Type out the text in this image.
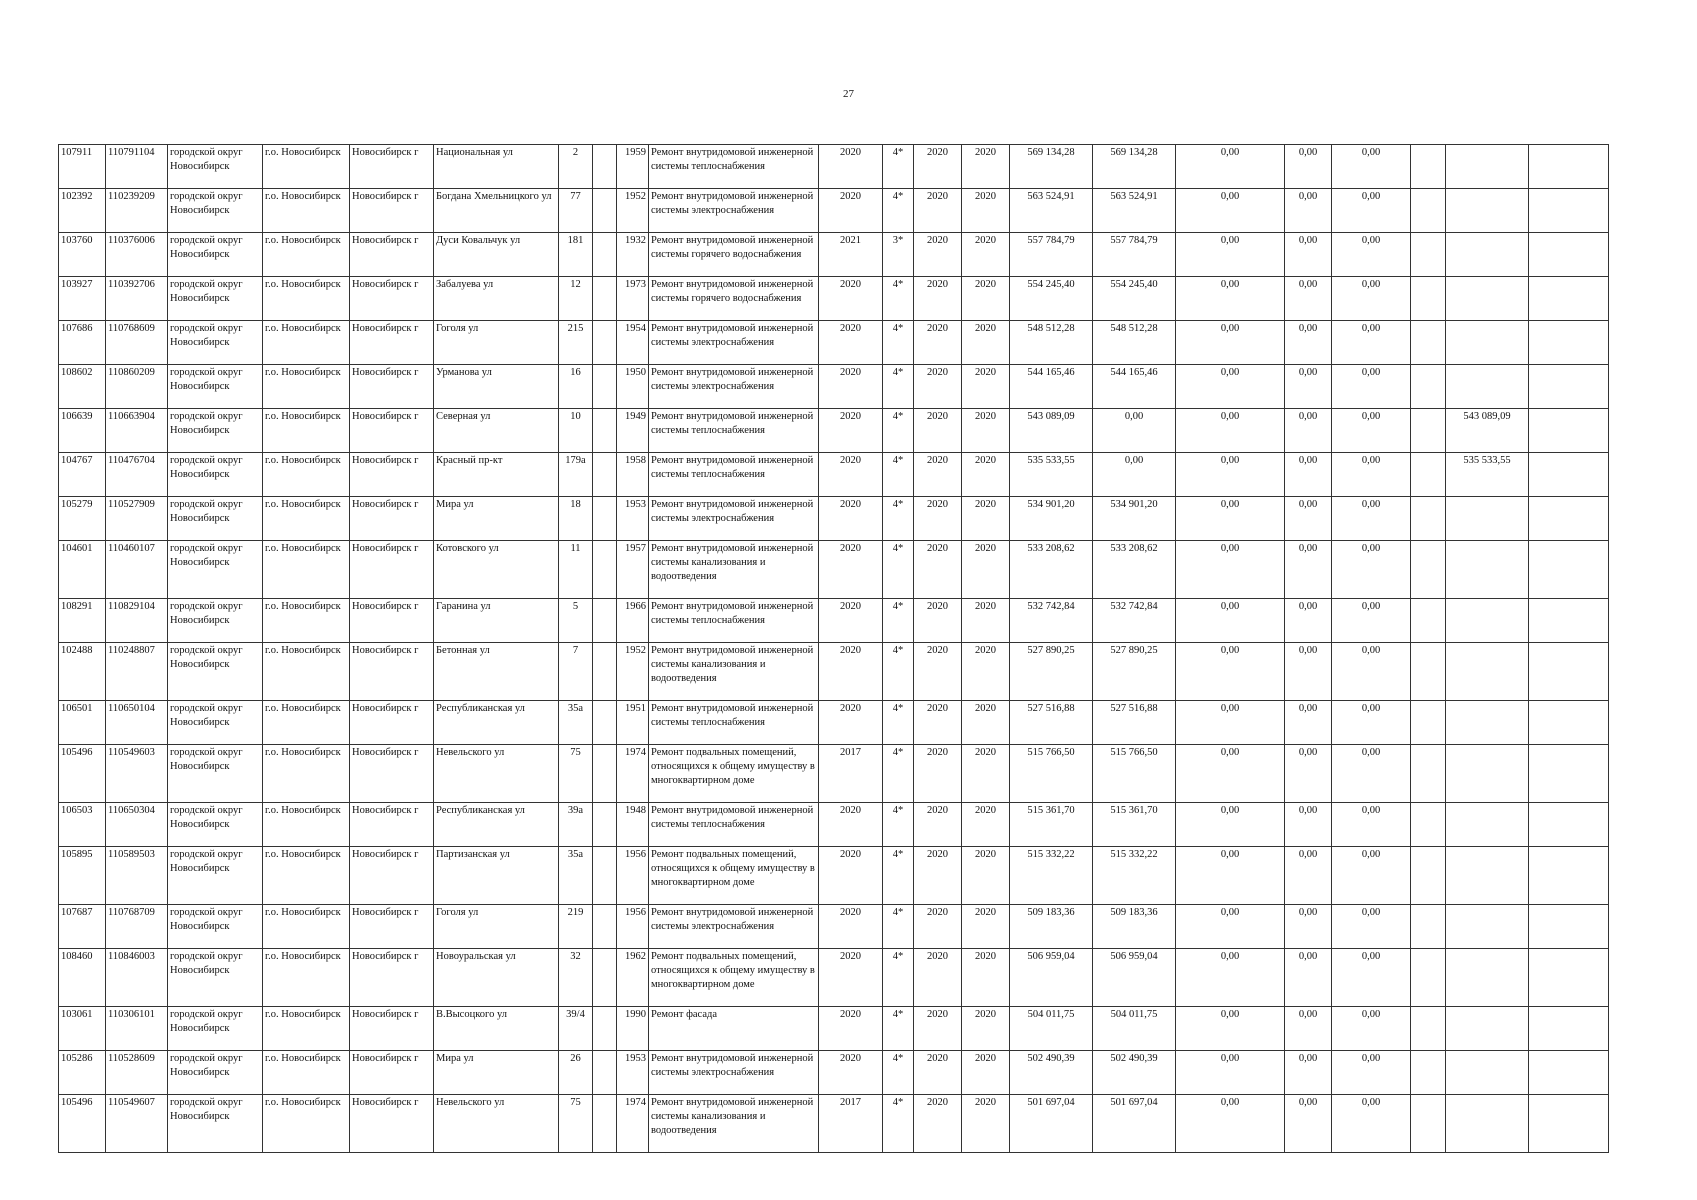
27
107911	110791104	городской округ Новосибирск	г.о. Новосибирск	Новосибирск г	Национальная ул	2		1959	Ремонт внутридомовой инженерной системы теплоснабжения	2020	4*	2020	2020	569 134,28	569 134,28	0,00	0,00	0,00			
102392	110239209	городской округ Новосибирск	г.о. Новосибирск	Новосибирск г	Богдана Хмельницкого ул	77		1952	Ремонт внутридомовой инженерной системы электроснабжения	2020	4*	2020	2020	563 524,91	563 524,91	0,00	0,00	0,00			
103760	110376006	городской округ Новосибирск	г.о. Новосибирск	Новосибирск г	Дуси Ковальчук ул	181		1932	Ремонт внутридомовой инженерной системы горячего водоснабжения	2021	3*	2020	2020	557 784,79	557 784,79	0,00	0,00	0,00			
103927	110392706	городской округ Новосибирск	г.о. Новосибирск	Новосибирск г	Забалуева ул	12		1973	Ремонт внутридомовой инженерной системы горячего водоснабжения	2020	4*	2020	2020	554 245,40	554 245,40	0,00	0,00	0,00			
107686	110768609	городской округ Новосибирск	г.о. Новосибирск	Новосибирск г	Гоголя ул	215		1954	Ремонт внутридомовой инженерной системы электроснабжения	2020	4*	2020	2020	548 512,28	548 512,28	0,00	0,00	0,00			
108602	110860209	городской округ Новосибирск	г.о. Новосибирск	Новосибирск г	Урманова ул	16		1950	Ремонт внутридомовой инженерной системы электроснабжения	2020	4*	2020	2020	544 165,46	544 165,46	0,00	0,00	0,00			
106639	110663904	городской округ Новосибирск	г.о. Новосибирск	Новосибирск г	Северная ул	10		1949	Ремонт внутридомовой инженерной системы теплоснабжения	2020	4*	2020	2020	543 089,09	0,00	0,00	0,00	0,00		543 089,09	
104767	110476704	городской округ Новосибирск	г.о. Новосибирск	Новосибирск г	Красный пр-кт	179а		1958	Ремонт внутридомовой инженерной системы теплоснабжения	2020	4*	2020	2020	535 533,55	0,00	0,00	0,00	0,00		535 533,55	
105279	110527909	городской округ Новосибирск	г.о. Новосибирск	Новосибирск г	Мира ул	18		1953	Ремонт внутридомовой инженерной системы электроснабжения	2020	4*	2020	2020	534 901,20	534 901,20	0,00	0,00	0,00			
104601	110460107	городской округ Новосибирск	г.о. Новосибирск	Новосибирск г	Котовского ул	11		1957	Ремонт внутридомовой инженерной системы канализования и водоотведения	2020	4*	2020	2020	533 208,62	533 208,62	0,00	0,00	0,00			
108291	110829104	городской округ Новосибирск	г.о. Новосибирск	Новосибирск г	Гаранина ул	5		1966	Ремонт внутридомовой инженерной системы теплоснабжения	2020	4*	2020	2020	532 742,84	532 742,84	0,00	0,00	0,00			
102488	110248807	городской округ Новосибирск	г.о. Новосибирск	Новосибирск г	Бетонная ул	7		1952	Ремонт внутридомовой инженерной системы канализования и водоотведения	2020	4*	2020	2020	527 890,25	527 890,25	0,00	0,00	0,00			
106501	110650104	городской округ Новосибирск	г.о. Новосибирск	Новосибирск г	Республиканская ул	35а		1951	Ремонт внутридомовой инженерной системы теплоснабжения	2020	4*	2020	2020	527 516,88	527 516,88	0,00	0,00	0,00			
105496	110549603	городской округ Новосибирск	г.о. Новосибирск	Новосибирск г	Невельского ул	75		1974	Ремонт подвальных помещений, относящихся к общему имуществу в многоквартирном доме	2017	4*	2020	2020	515 766,50	515 766,50	0,00	0,00	0,00			
106503	110650304	городской округ Новосибирск	г.о. Новосибирск	Новосибирск г	Республиканская ул	39а		1948	Ремонт внутридомовой инженерной системы теплоснабжения	2020	4*	2020	2020	515 361,70	515 361,70	0,00	0,00	0,00			
105895	110589503	городской округ Новосибирск	г.о. Новосибирск	Новосибирск г	Партизанская ул	35а		1956	Ремонт подвальных помещений, относящихся к общему имуществу в многоквартирном доме	2020	4*	2020	2020	515 332,22	515 332,22	0,00	0,00	0,00			
107687	110768709	городской округ Новосибирск	г.о. Новосибирск	Новосибирск г	Гоголя ул	219		1956	Ремонт внутридомовой инженерной системы электроснабжения	2020	4*	2020	2020	509 183,36	509 183,36	0,00	0,00	0,00			
108460	110846003	городской округ Новосибирск	г.о. Новосибирск	Новосибирск г	Новоуральская ул	32		1962	Ремонт подвальных помещений, относящихся к общему имуществу в многоквартирном доме	2020	4*	2020	2020	506 959,04	506 959,04	0,00	0,00	0,00			
103061	110306101	городской округ Новосибирск	г.о. Новосибирск	Новосибирск г	В.Высоцкого ул	39/4		1990	Ремонт фасада	2020	4*	2020	2020	504 011,75	504 011,75	0,00	0,00	0,00			
105286	110528609	городской округ Новосибирск	г.о. Новосибирск	Новосибирск г	Мира ул	26		1953	Ремонт внутридомовой инженерной системы электроснабжения	2020	4*	2020	2020	502 490,39	502 490,39	0,00	0,00	0,00			
105496	110549607	городской округ Новосибирск	г.о. Новосибирск	Новосибирск г	Невельского ул	75		1974	Ремонт внутридомовой инженерной системы канализования и водоотведения	2017	4*	2020	2020	501 697,04	501 697,04	0,00	0,00	0,00			
